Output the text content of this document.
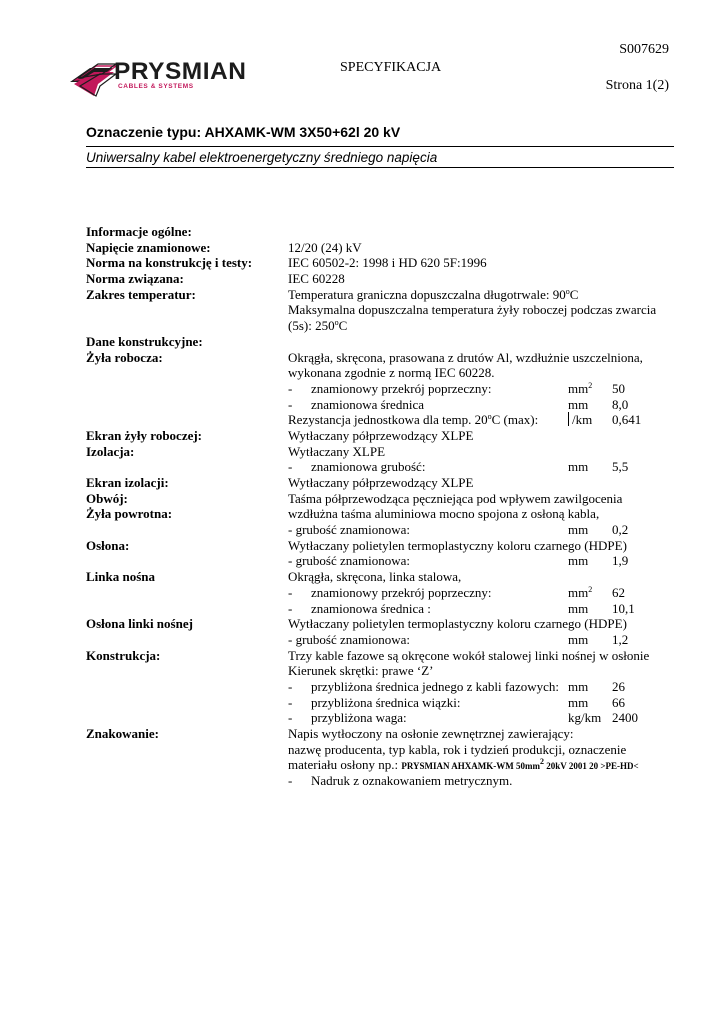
PRYSMIAN
CABLES & SYSTEMS
SPECYFIKACJA
S007629
Strona 1(2)
Oznaczenie typu: AHXAMK-WM 3X50+62l 20 kV
Uniwersalny kabel elektroenergetyczny średniego napięcia
Informacje ogólne:
Napięcie znamionowe:	12/20 (24) kV
Norma na konstrukcję i testy:	IEC 60502-2: 1998 i HD 620 5F:1996
Norma związana:	IEC 60228
Zakres temperatur:	Temperatura graniczna dopuszczalna długotrwale: 90$^o$C
Maksymalna dopuszczalna temperatura żyły roboczej podczas zwarcia
(5s): 250$^o$C
Dane konstrukcyjne:
Żyła robocza:	Okrągła, skręcona, prasowana z drutów Al, wzdłużnie uszczelniona,
wykonana zgodnie z normą IEC 60228.
- znamionowy przekrój poprzeczny:	$mm^2$ 50
- znamionowa średnica	mm 8,0
Rezystancja jednostkowa dla temp. 20$^o$C (max):	/km 0,641
Ekran żyły roboczej:	Wytłaczany półprzewodzący XLPE
Izolacja:	Wytłaczany XLPE
- znamionowa grubość:	mm 5,5
Ekran izolacji:	Wytłaczany półprzewodzący XLPE
Obwój:	Taśma półprzewodząca pęczniejąca pod wpływem zawilgocenia
Żyła powrotna:	wzdłużna taśma aluminiowa mocno spojona z osłoną kabla,
- grubość znamionowa:	mm 0,2
Osłona:	Wytłaczany polietylen termoplastyczny koloru czarnego (HDPE)
- grubość znamionowa:	mm 1,9
Linka nośna	Okrągła, skręcona, linka stalowa,
- znamionowy przekrój poprzeczny:	$mm^2$ 62
- znamionowa średnica :	mm 10,1
Osłona linki nośnej	Wytłaczany polietylen termoplastyczny koloru czarnego (HDPE)
- grubość znamionowa:	mm 1,2
Konstrukcja:	Trzy kable fazowe są okręcone wokół stalowej linki nośnej w osłonie
Kierunek skrętki: prawe ‘Z’
- przybliżona średnica jednego z kabli fazowych: mm 26
- przybliżona średnica wiązki:	mm 66
- przybliżona waga:	kg/km 2400
Znakowanie:	Napis wytłoczony na osłonie zewnętrznej zawierający:
nazwę producenta, typ kabla, rok i tydzień produkcji, oznaczenie
materiału osłony np.: PRYSMIAN AHXAMK-WM $50mm^2$ 20kV 2001 20 >PE-HD<
- Nadruk z oznakowaniem metrycznym.
